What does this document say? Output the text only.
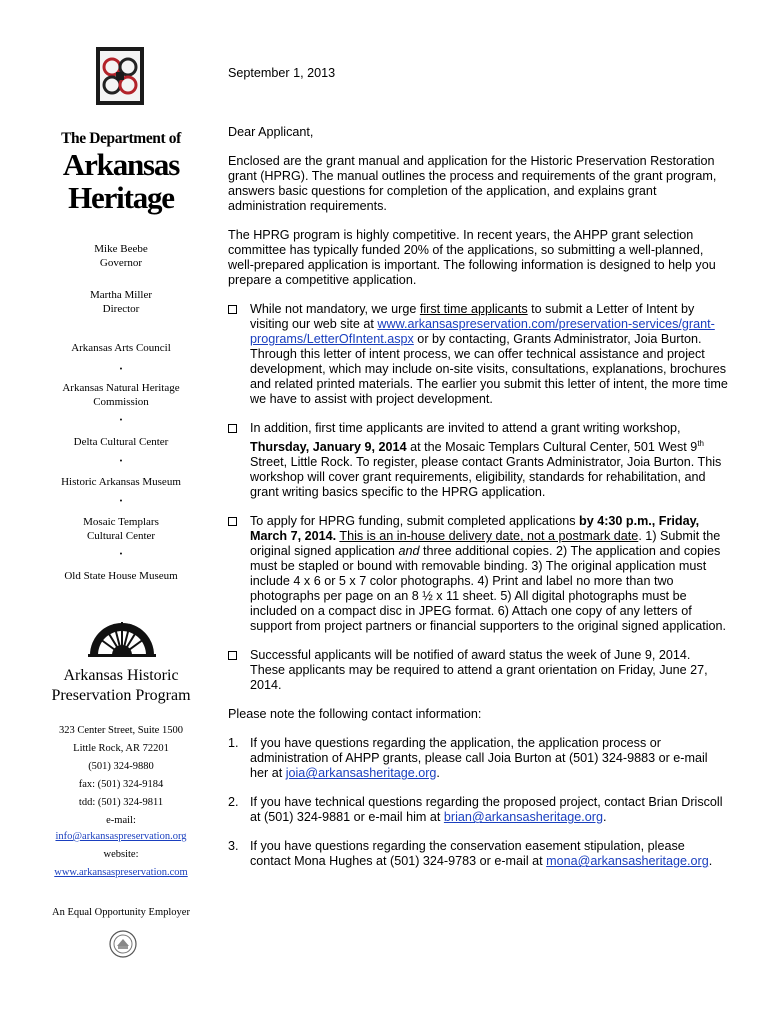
The Department of
Arkansas
Heritage
Mike Beebe
Governor
Martha Miller
Director
Arkansas Arts Council
•
Arkansas Natural Heritage
Commission
•
Delta Cultural Center
•
Historic Arkansas Museum
•
Mosaic Templars
Cultural Center
•
Old State House Museum
Arkansas Historic
Preservation Program
323 Center Street, Suite 1500
Little Rock, AR 72201
(501) 324-9880
fax: (501) 324-9184
tdd: (501) 324-9811
e-mail:
info@arkansaspreservation.org
website:
www.arkansaspreservation.com
An Equal Opportunity Employer

September 1, 2013

Dear Applicant,

Enclosed are the grant manual and application for the Historic Preservation Restoration grant (HPRG). The manual outlines the process and requirements of the grant program, answers basic questions for completion of the application, and explains grant administration requirements.

The HPRG program is highly competitive. In recent years, the AHPP grant selection committee has typically funded 20% of the applications, so submitting a well-planned, well-prepared application is important. The following information is designed to help you prepare a competitive application.

While not mandatory, we urge first time applicants to submit a Letter of Intent by visiting our web site at www.arkansaspreservation.com/preservation-services/grant-programs/LetterOfIntent.aspx or by contacting, Grants Administrator, Joia Burton. Through this letter of intent process, we can offer technical assistance and project development, which may include on-site visits, consultations, explanations, brochures and related printed materials. The earlier you submit this letter of intent, the more time we have to assist with project development.
In addition, first time applicants are invited to attend a grant writing workshop, Thursday, January 9, 2014 at the Mosaic Templars Cultural Center, 501 West 9th Street, Little Rock. To register, please contact Grants Administrator, Joia Burton. This workshop will cover grant requirements, eligibility, standards for rehabilitation, and grant writing basics specific to the HPRG application.
To apply for HPRG funding, submit completed applications by 4:30 p.m., Friday, March 7, 2014. This is an in-house delivery date, not a postmark date. 1) Submit the original signed application and three additional copies. 2) The application and copies must be stapled or bound with removable binding. 3) The original application must include 4 x 6 or 5 x 7 color photographs. 4) Print and label no more than two photographs per page on an 8 ½ x 11 sheet. 5) All digital photographs must be included on a compact disc in JPEG format. 6) Attach one copy of any letters of support from project partners or financial supporters to the original signed application.
Successful applicants will be notified of award status the week of June 9, 2014. These applicants may be required to attend a grant orientation on Friday, June 27, 2014.

Please note the following contact information:

1. If you have questions regarding the application, the application process or administration of AHPP grants, please call Joia Burton at (501) 324-9883 or e-mail her at joia@arkansasheritage.org.
2. If you have technical questions regarding the proposed project, contact Brian Driscoll at (501) 324-9881 or e-mail him at brian@arkansasheritage.org.
3. If you have questions regarding the conservation easement stipulation, please contact Mona Hughes at (501) 324-9783 or e-mail at mona@arkansasheritage.org.
